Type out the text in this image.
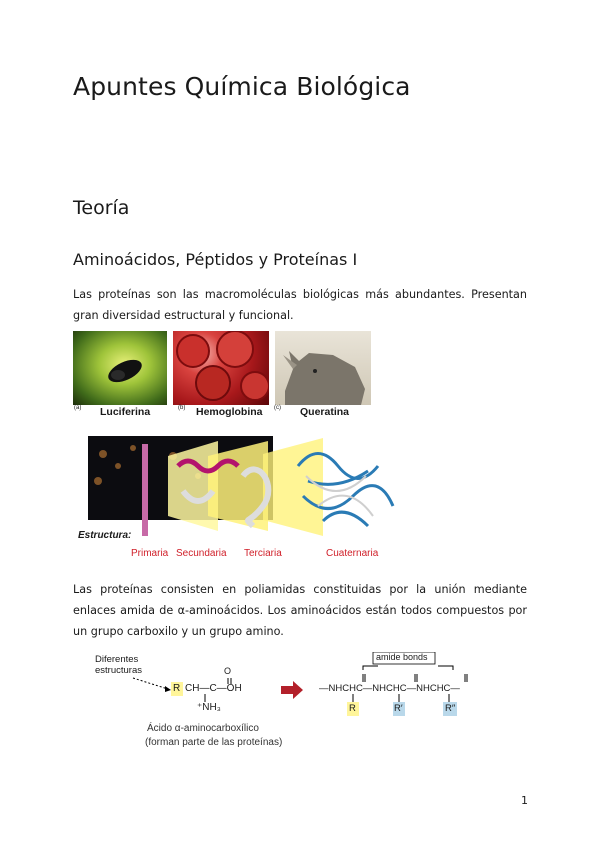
Apuntes Química Biológica
Teoría
Aminoácidos, Péptidos y Proteínas I
Las proteínas son las macromoléculas biológicas más abundantes. Presentan gran diversidad estructural y funcional.
(a) Luciferina	(b) Hemoglobina (c) Queratina
Estructura:
Primaria Secundaria Terciaria	Cuaternaria
Las proteínas consisten en poliamidas constituidas por la unión mediante enlaces amida de α-aminoácidos. Los aminoácidos están todos compuestos por un grupo carboxilo y un grupo amino.
Diferentes estructuras	O
R CH—C—OH
⁺NH₃
amide bonds
—NHCHC—NHCHC—NHCHC—
R	R′	R″
Ácido α-aminocarboxílico
(forman parte de las proteínas)
1
